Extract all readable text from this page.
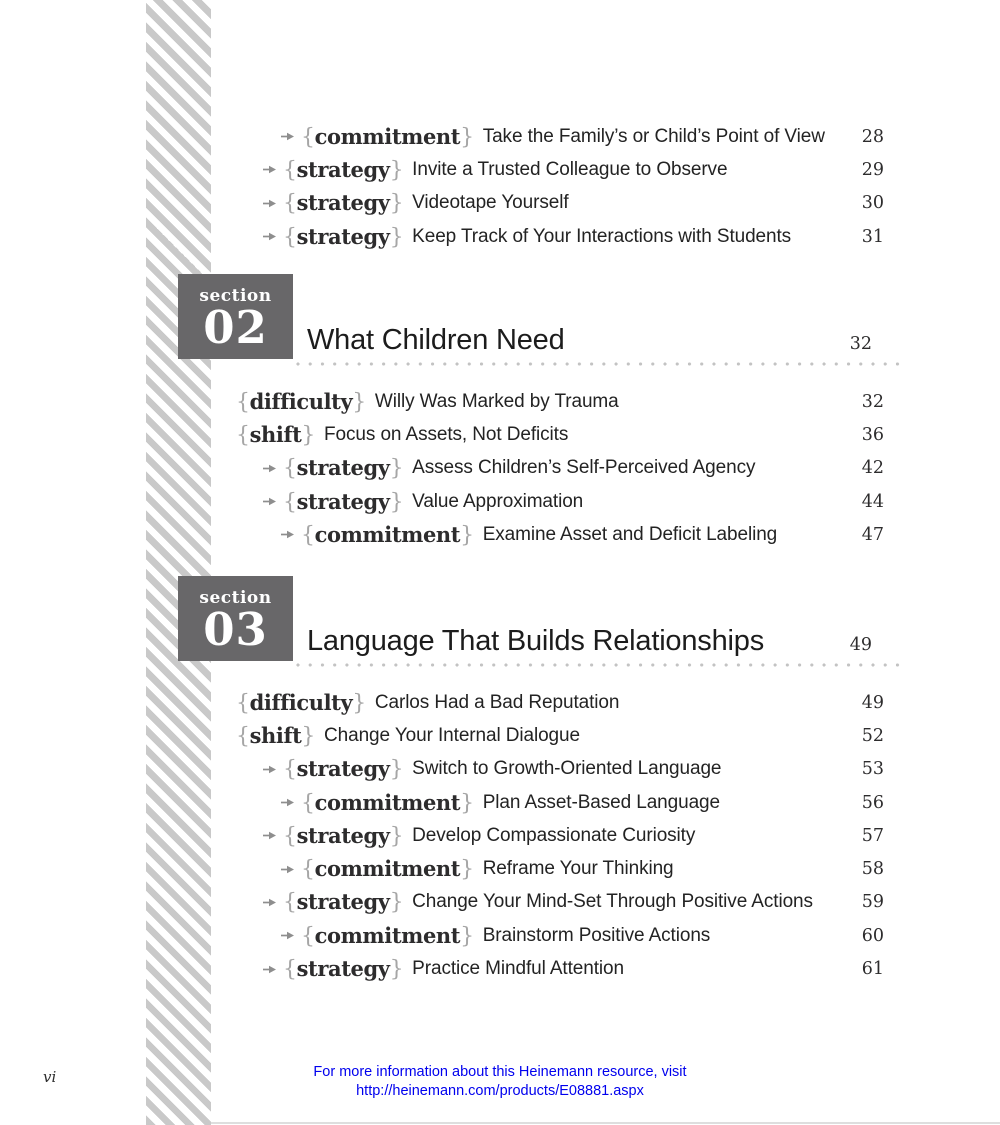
{commitment} Take the Family’s or Child’s Point of View 28
{strategy} Invite a Trusted Colleague to Observe	29
{strategy} Videotape Yourself	30
{strategy} Keep Track of Your Interactions with Students	31
section
02	What Children Need	32
{difficulty} Willy Was Marked by Trauma	32
{shift} Focus on Assets, Not Deficits	36
{strategy} Assess Children’s Self-Perceived Agency	42
{strategy} Value Approximation	44
{commitment} Examine Asset and Deficit Labeling	47
section
03	Language That Builds Relationships	49
{difficulty} Carlos Had a Bad Reputation	49
{shift} Change Your Internal Dialogue	52
{strategy} Switch to Growth-Oriented Language	53
{commitment} Plan Asset-Based Language	56
{strategy} Develop Compassionate Curiosity	57
{commitment} Reframe Your Thinking	58
{strategy} Change Your Mind-Set Through Positive Actions	59
{commitment} Brainstorm Positive Actions	60
{strategy} Practice Mindful Attention	61
vi	For more information about this Heinemann resource, visit
http://heinemann.com/products/E08881.aspx
